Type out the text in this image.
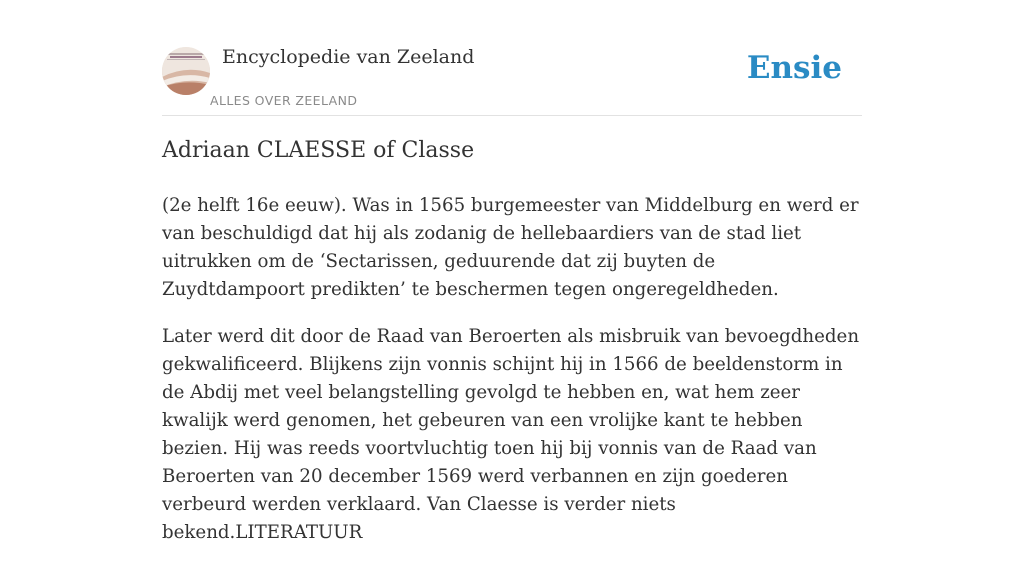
Encyclopedie van Zeeland
ALLES OVER ZEELAND
Ensie
Adriaan CLAESSE of Classe

(2e helft 16e eeuw). Was in 1565 burgemeester van Middelburg en werd er van beschuldigd dat hij als zodanig de hellebaardiers van de stad liet uitrukken om de ‘Sectarissen, geduurende dat zij buyten de Zuydtdampoort predikten’ te beschermen tegen ongeregeldheden.

Later werd dit door de Raad van Beroerten als misbruik van bevoegdheden gekwalificeerd. Blijkens zijn vonnis schijnt hij in 1566 de beeldenstorm in de Abdij met veel belangstelling gevolgd te hebben en, wat hem zeer kwalijk werd genomen, het gebeuren van een vrolijke kant te hebben bezien. Hij was reeds voortvluchtig toen hij bij vonnis van de Raad van Beroerten van 20 december 1569 werd verbannen en zijn goederen verbeurd werden verklaard. Van Claesse is verder niets bekend.LITERATUUR
